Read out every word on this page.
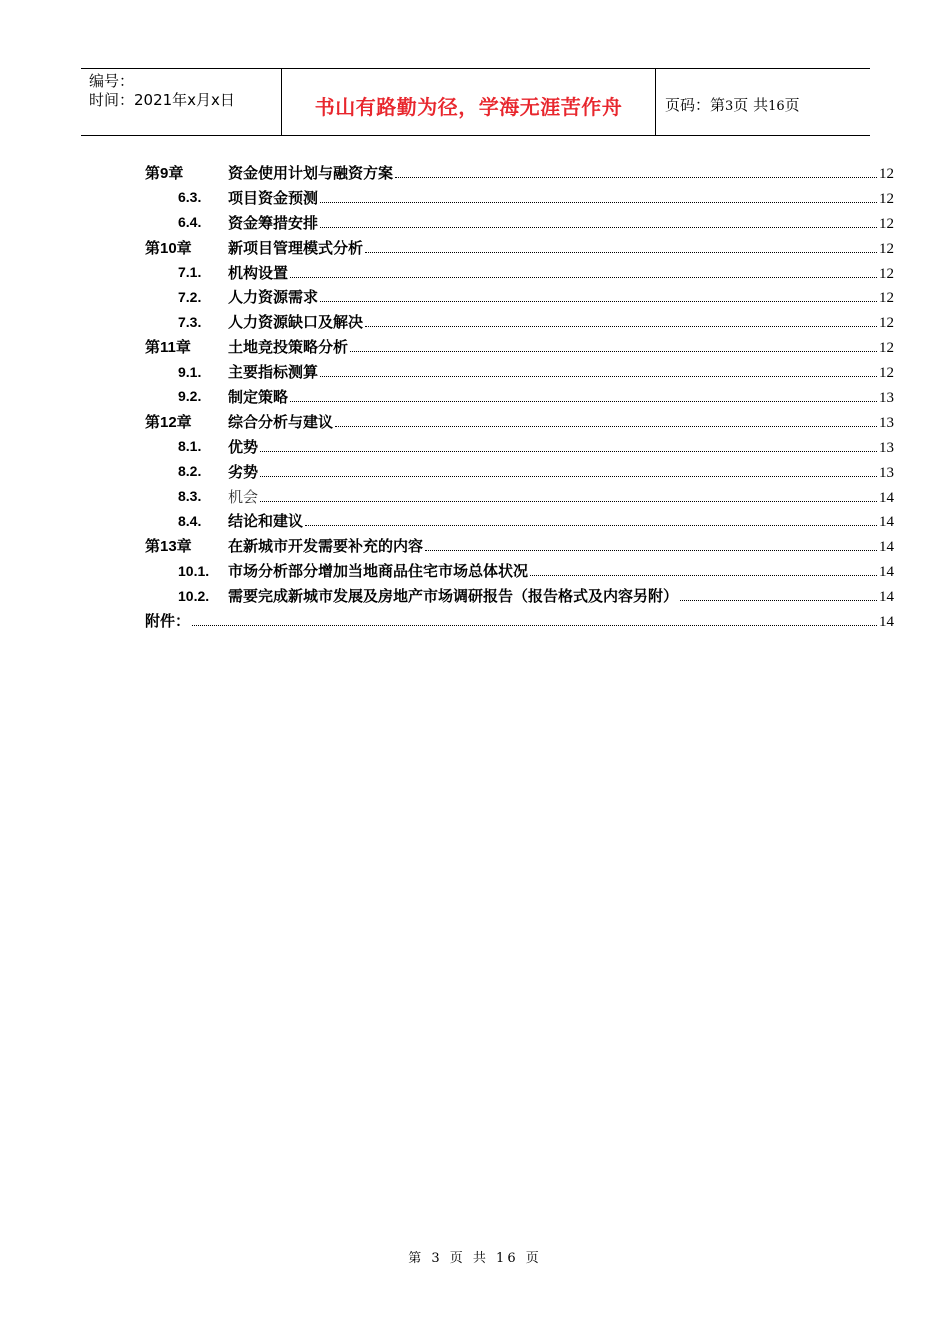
编号：
时间：2021年x月x日	书山有路勤为径，学海无涯苦作舟	页码：第3页 共16页
第9章	资金使用计划与融资方案	12
6.3. 项目资金预测	12
6.4. 资金筹措安排	12
第10章 新项目管理模式分析	12
7.1. 机构设置	12
7.2. 人力资源需求	12
7.3. 人力资源缺口及解决	12
第11章 土地竞投策略分析	12
9.1. 主要指标测算	12
9.2. 制定策略	13
第12章 综合分析与建议	13
8.1. 优势	13
8.2. 劣势	13
8.3. 机会	14
8.4. 结论和建议	14
第13章 在新城市开发需要补充的内容	14
10.1. 市场分析部分增加当地商品住宅市场总体状况	14
10.2. 需要完成新城市发展及房地产市场调研报告（报告格式及内容另附）	14
附件：	14
第 3 页 共 16 页
